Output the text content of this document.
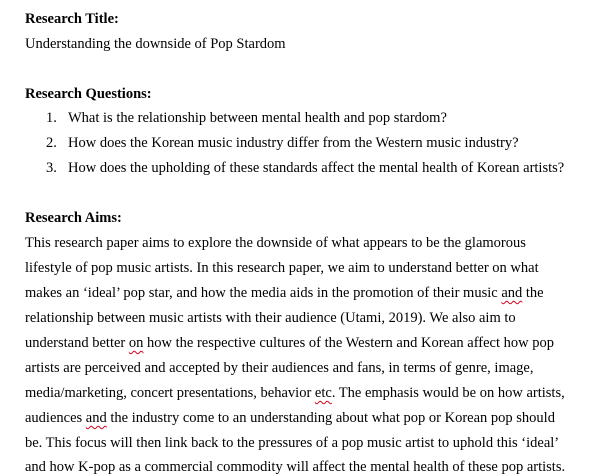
Research Title:
Understanding the downside of Pop Stardom
Research Questions:
1. What is the relationship between mental health and pop stardom?
2. How does the Korean music industry differ from the Western music industry?
3. How does the upholding of these standards affect the mental health of Korean artists?
Research Aims:
This research paper aims to explore the downside of what appears to be the glamorous
lifestyle of pop music artists. In this research paper, we aim to understand better on what
makes an ‘ideal’ pop star, and how the media aids in the promotion of their music and the
relationship between music artists with their audience (Utami, 2019). We also aim to
understand better on how the respective cultures of the Western and Korean affect how pop
artists are perceived and accepted by their audiences and fans, in terms of genre, image,
media/marketing, concert presentations, behavior etc. The emphasis would be on how artists,
audiences and the industry come to an understanding about what pop or Korean pop should
be. This focus will then link back to the pressures of a pop music artist to uphold this ‘ideal’
and how K-pop as a commercial commodity will affect the mental health of these pop artists.
